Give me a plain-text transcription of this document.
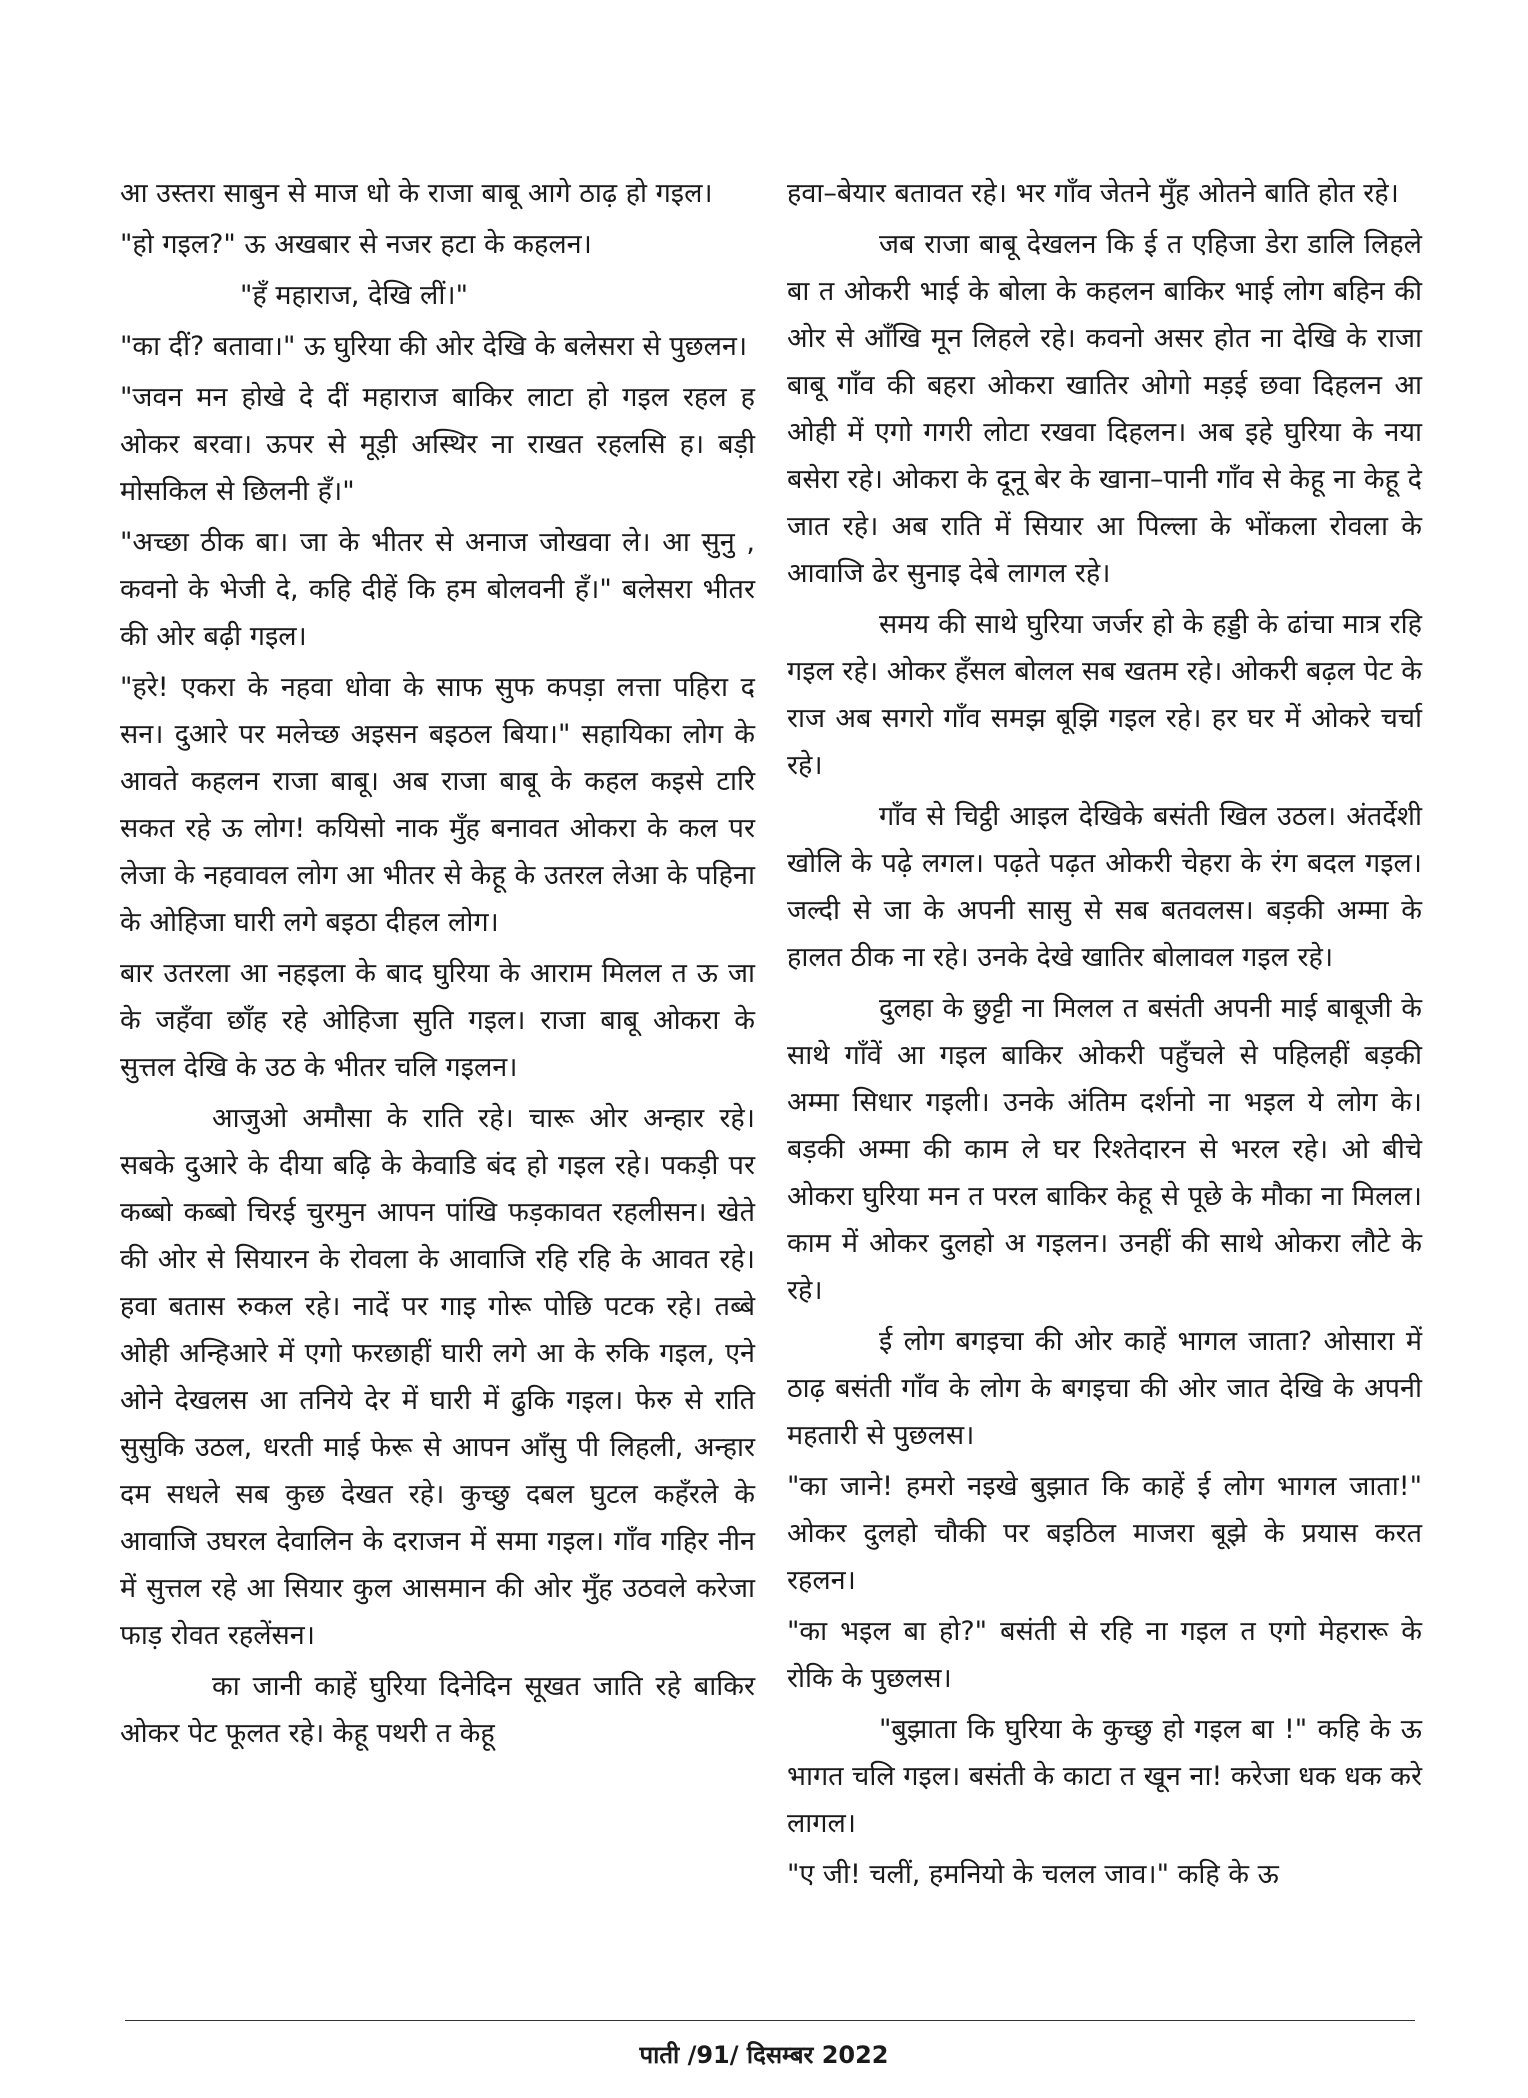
आ उस्तरा साबुन से माज धो के राजा बाबू आगे ठाढ़ हो गइल।

"हो गइल?" ऊ अखबार से नजर हटा के कहलन।

"हँ महाराज, देखि लीं।"

"का दीं? बतावा।" ऊ घुरिया की ओर देखि के बलेसरा से पुछलन।

"जवन मन होखे दे दीं महाराज बाकिर लाटा हो गइल रहल ह ओकर बरवा। ऊपर से मूड़ी अस्थिर ना राखत रहलसि ह। बड़ी मोसकिल से छिलनी हँ।"

"अच्छा ठीक बा। जा के भीतर से अनाज जोखवा ले। आ सुनु , कवनो के भेजी दे, कहि दीहें कि हम बोलवनी हँ।" बलेसरा भीतर की ओर बढ़ी गइल।

"हरे! एकरा के नहवा धोवा के साफ सुफ कपड़ा लत्ता पहिरा द सन। दुआरे पर मलेच्छ अइसन बइठल बिया।" सहायिका लोग के आवते कहलन राजा बाबू। अब राजा बाबू के कहल कइसे टारि सकत रहे ऊ लोग! कयिसो नाक मुँह बनावत ओकरा के कल पर लेजा के नहवावल लोग आ भीतर से केहू के उतरल लेआ के पहिना के ओहिजा घारी लगे बइठा दीहल लोग।

बार उतरला आ नहइला के बाद घुरिया के आराम मिलल त ऊ जा के जहँवा छाँह रहे ओहिजा सुति गइल। राजा बाबू ओकरा के सुत्तल देखि के उठ के भीतर चलि गइलन।

आजुओ अमौसा के राति रहे। चारू ओर अन्हार रहे। सबके दुआरे के दीया बढ़ि के केवाडि बंद हो गइल रहे। पकड़ी पर कब्बो कब्बो चिरई चुरमुन आपन पांखि फड़कावत रहलीसन। खेते की ओर से सियारन के रोवला के आवाजि रहि रहि के आवत रहे। हवा बतास रुकल रहे। नादें पर गाइ गोरू पोछि पटक रहे। तब्बे ओही अन्हिआरे में एगो फरछाहीं घारी लगे आ के रुकि गइल, एने ओने देखलस आ तनिये देर में घारी में ढुकि गइल। फेरु से राति सुसुकि उठल, धरती माई फेरू से आपन आँसु पी लिहली, अन्हार दम सधले सब कुछ देखत रहे। कुच्छु दबल घुटल कहँरले के आवाजि उघरल देवालिन के दराजन में समा गइल। गाँव गहिर नीन में सुत्तल रहे आ सियार कुल आसमान की ओर मुँह उठवले करेजा फाड़ रोवत रहलेंसन।

का जानी काहें घुरिया दिनेदिन सूखत जाति रहे बाकिर ओकर पेट फूलत रहे। केहू पथरी त केहू

हवा–बेयार बतावत रहे। भर गाँव जेतने मुँह ओतने बाति होत रहे।

जब राजा बाबू देखलन कि ई त एहिजा डेरा डालि लिहले बा त ओकरी भाई के बोला के कहलन बाकिर भाई लोग बहिन की ओर से आँखि मून लिहले रहे। कवनो असर होत ना देखि के राजा बाबू गाँव की बहरा ओकरा खातिर ओगो मड़ई छवा दिहलन आ ओही में एगो गगरी लोटा रखवा दिहलन। अब इहे घुरिया के नया बसेरा रहे। ओकरा के दूनू बेर के खाना–पानी गाँव से केहू ना केहू दे जात रहे। अब राति में सियार आ पिल्ला के भोंकला रोवला के आवाजि ढेर सुनाइ देबे लागल रहे।

समय की साथे घुरिया जर्जर हो के हड्डी के ढांचा मात्र रहि गइल रहे। ओकर हँसल बोलल सब खतम रहे। ओकरी बढ़ल पेट के राज अब सगरो गाँव समझ बूझि गइल रहे। हर घर में ओकरे चर्चा रहे।

गाँव से चिट्ठी आइल देखिके बसंती खिल उठल। अंतर्देशी खोलि के पढ़े लगल। पढ़ते पढ़त ओकरी चेहरा के रंग बदल गइल। जल्दी से जा के अपनी सासु से सब बतवलस। बड़की अम्मा के हालत ठीक ना रहे। उनके देखे खातिर बोलावल गइल रहे।

दुलहा के छुट्टी ना मिलल त बसंती अपनी माई बाबूजी के साथे गाँवें आ गइल बाकिर ओकरी पहुँचले से पहिलहीं बड़की अम्मा सिधार गइली। उनके अंतिम दर्शनो ना भइल ये लोग के। बड़की अम्मा की काम ले घर रिश्तेदारन से भरल रहे। ओ बीचे ओकरा घुरिया मन त परल बाकिर केहू से पूछे के मौका ना मिलल। काम में ओकर दुलहो अ गइलन। उनहीं की साथे ओकरा लौटे के रहे।

ई लोग बगइचा की ओर काहें भागल जाता? ओसारा में ठाढ़ बसंती गाँव के लोग के बगइचा की ओर जात देखि के अपनी महतारी से पुछलस।

"का जाने! हमरो नइखे बुझात कि काहें ई लोग भागल जाता!" ओकर दुलहो चौकी पर बइठिल माजरा बूझे के प्रयास करत रहलन।

"का भइल बा हो?" बसंती से रहि ना गइल त एगो मेहरारू के रोकि के पुछलस।

"बुझाता कि घुरिया के कुच्छु हो गइल बा !" कहि के ऊ भागत चलि गइल। बसंती के काटा त खून ना! करेजा धक धक करे लागल।

"ए जी! चलीं, हमनियो के चलल जाव।" कहि के ऊ

पाती /91/ दिसम्बर 2022
